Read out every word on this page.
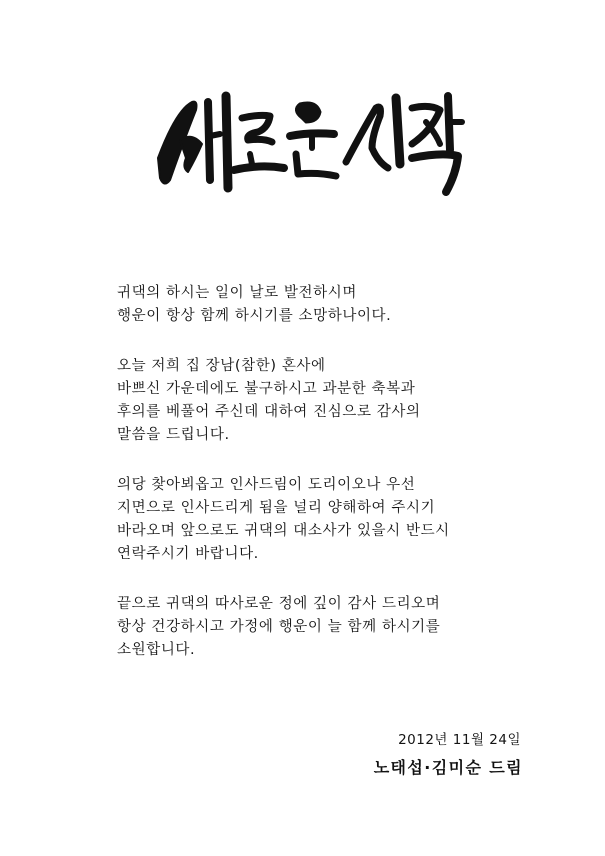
귀댁의 하시는 일이 날로 발전하시며
행운이 항상 함께 하시기를 소망하나이다.
오늘 저희 집 장남(참한) 혼사에
바쁘신 가운데에도 불구하시고 과분한 축복과
후의를 베풀어 주신데 대하여 진심으로 감사의
말씀을 드립니다.
의당 찾아뵈옵고 인사드림이 도리이오나 우선
지면으로 인사드리게 됨을 널리 양해하여 주시기
바라오며 앞으로도 귀댁의 대소사가 있을시 반드시
연락주시기 바랍니다.
끝으로 귀댁의 따사로운 정에 깊이 감사 드리오며
항상 건강하시고 가정에 행운이 늘 함께 하시기를
소원합니다.
2012년 11월 24일
노태섭·김미순 드림
